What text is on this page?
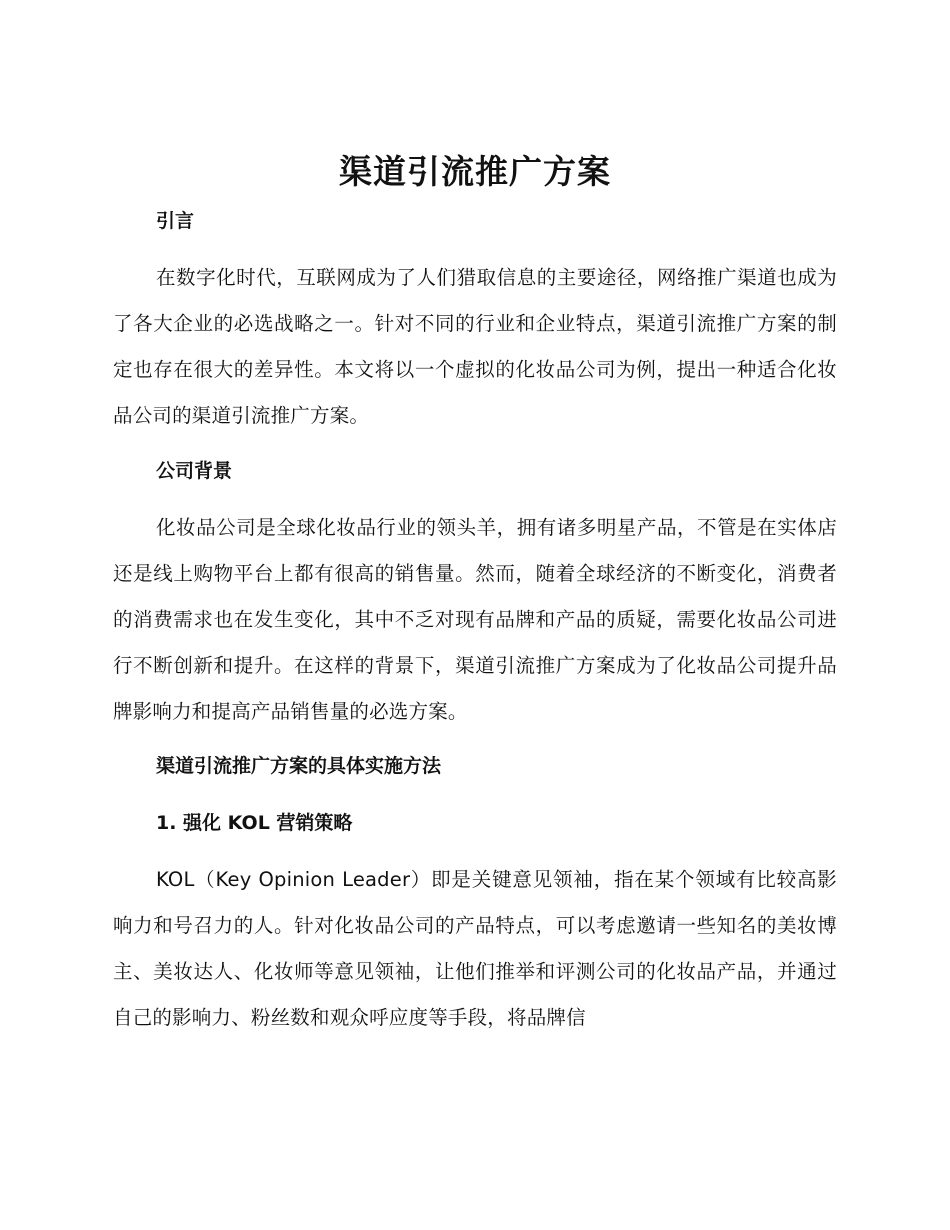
渠道引流推广方案
引言

在数字化时代，互联网成为了人们猎取信息的主要途径，网络推广渠道也成为了各大企业的必选战略之一。针对不同的行业和企业特点，渠道引流推广方案的制定也存在很大的差异性。本文将以一个虚拟的化妆品公司为例，提出一种适合化妆品公司的渠道引流推广方案。

公司背景

化妆品公司是全球化妆品行业的领头羊，拥有诸多明星产品，不管是在实体店还是线上购物平台上都有很高的销售量。然而，随着全球经济的不断变化，消费者的消费需求也在发生变化，其中不乏对现有品牌和产品的质疑，需要化妆品公司进行不断创新和提升。在这样的背景下，渠道引流推广方案成为了化妆品公司提升品牌影响力和提高产品销售量的必选方案。

渠道引流推广方案的具体实施方法
1. 强化 KOL 营销策略

KOL（Key Opinion Leader）即是关键意见领袖，指在某个领域有比较高影响力和号召力的人。针对化妆品公司的产品特点，可以考虑邀请一些知名的美妆博主、美妆达人、化妆师等意见领袖，让他们推举和评测公司的化妆品产品，并通过自己的影响力、粉丝数和观众呼应度等手段，将品牌信
